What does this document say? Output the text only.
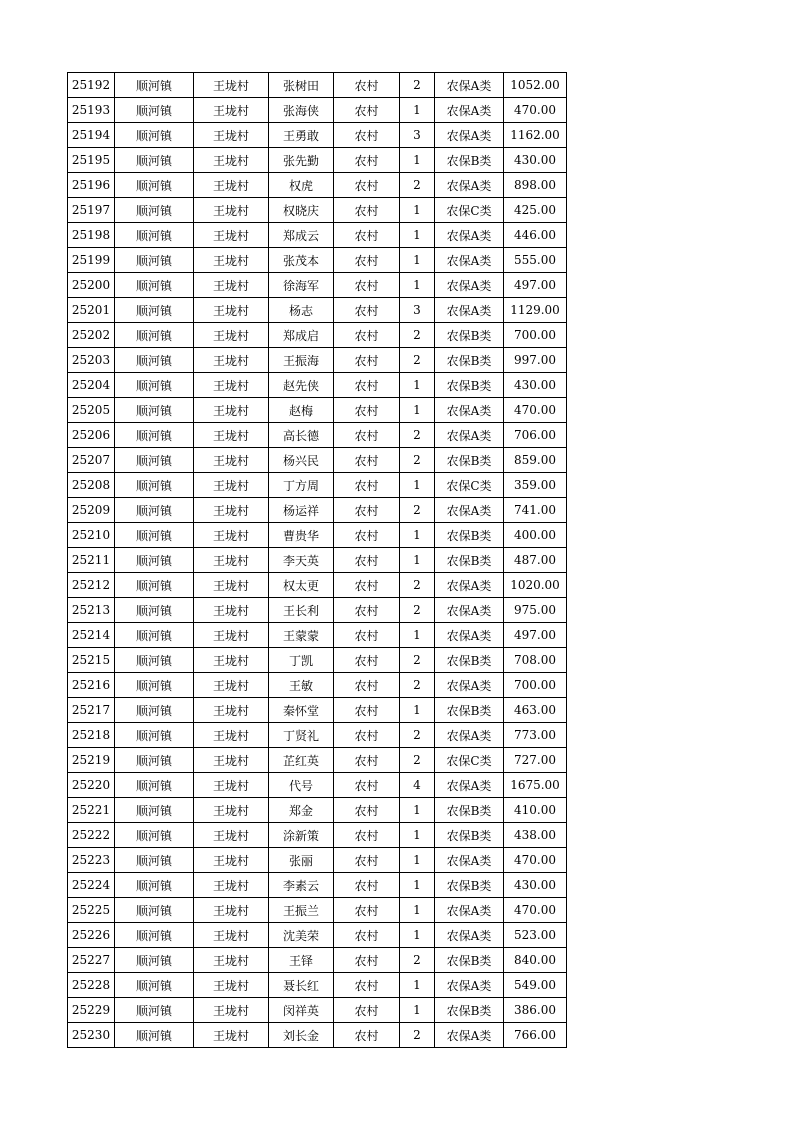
25192	顺河镇	王垅村	张树田	农村	2	农保A类	1052.00
25193	顺河镇	王垅村	张海侠	农村	1	农保A类	470.00
25194	顺河镇	王垅村	王勇敢	农村	3	农保A类	1162.00
25195	顺河镇	王垅村	张先勤	农村	1	农保B类	430.00
25196	顺河镇	王垅村	权虎	农村	2	农保A类	898.00
25197	顺河镇	王垅村	权晓庆	农村	1	农保C类	425.00
25198	顺河镇	王垅村	郑成云	农村	1	农保A类	446.00
25199	顺河镇	王垅村	张茂本	农村	1	农保A类	555.00
25200	顺河镇	王垅村	徐海军	农村	1	农保A类	497.00
25201	顺河镇	王垅村	杨志	农村	3	农保A类	1129.00
25202	顺河镇	王垅村	郑成启	农村	2	农保B类	700.00
25203	顺河镇	王垅村	王振海	农村	2	农保B类	997.00
25204	顺河镇	王垅村	赵先侠	农村	1	农保B类	430.00
25205	顺河镇	王垅村	赵梅	农村	1	农保A类	470.00
25206	顺河镇	王垅村	高长德	农村	2	农保A类	706.00
25207	顺河镇	王垅村	杨兴民	农村	2	农保B类	859.00
25208	顺河镇	王垅村	丁方周	农村	1	农保C类	359.00
25209	顺河镇	王垅村	杨运祥	农村	2	农保A类	741.00
25210	顺河镇	王垅村	曹贵华	农村	1	农保B类	400.00
25211	顺河镇	王垅村	李天英	农村	1	农保B类	487.00
25212	顺河镇	王垅村	权太更	农村	2	农保A类	1020.00
25213	顺河镇	王垅村	王长利	农村	2	农保A类	975.00
25214	顺河镇	王垅村	王蒙蒙	农村	1	农保A类	497.00
25215	顺河镇	王垅村	丁凯	农村	2	农保B类	708.00
25216	顺河镇	王垅村	王敏	农村	2	农保A类	700.00
25217	顺河镇	王垅村	秦怀堂	农村	1	农保B类	463.00
25218	顺河镇	王垅村	丁贤礼	农村	2	农保A类	773.00
25219	顺河镇	王垅村	芷红英	农村	2	农保C类	727.00
25220	顺河镇	王垅村	代号	农村	4	农保A类	1675.00
25221	顺河镇	王垅村	郑金	农村	1	农保B类	410.00
25222	顺河镇	王垅村	涂新策	农村	1	农保B类	438.00
25223	顺河镇	王垅村	张丽	农村	1	农保A类	470.00
25224	顺河镇	王垅村	李素云	农村	1	农保B类	430.00
25225	顺河镇	王垅村	王振兰	农村	1	农保A类	470.00
25226	顺河镇	王垅村	沈美荣	农村	1	农保A类	523.00
25227	顺河镇	王垅村	王铎	农村	2	农保B类	840.00
25228	顺河镇	王垅村	聂长红	农村	1	农保A类	549.00
25229	顺河镇	王垅村	闵祥英	农村	1	农保B类	386.00
25230	顺河镇	王垅村	刘长金	农村	2	农保A类	766.00
